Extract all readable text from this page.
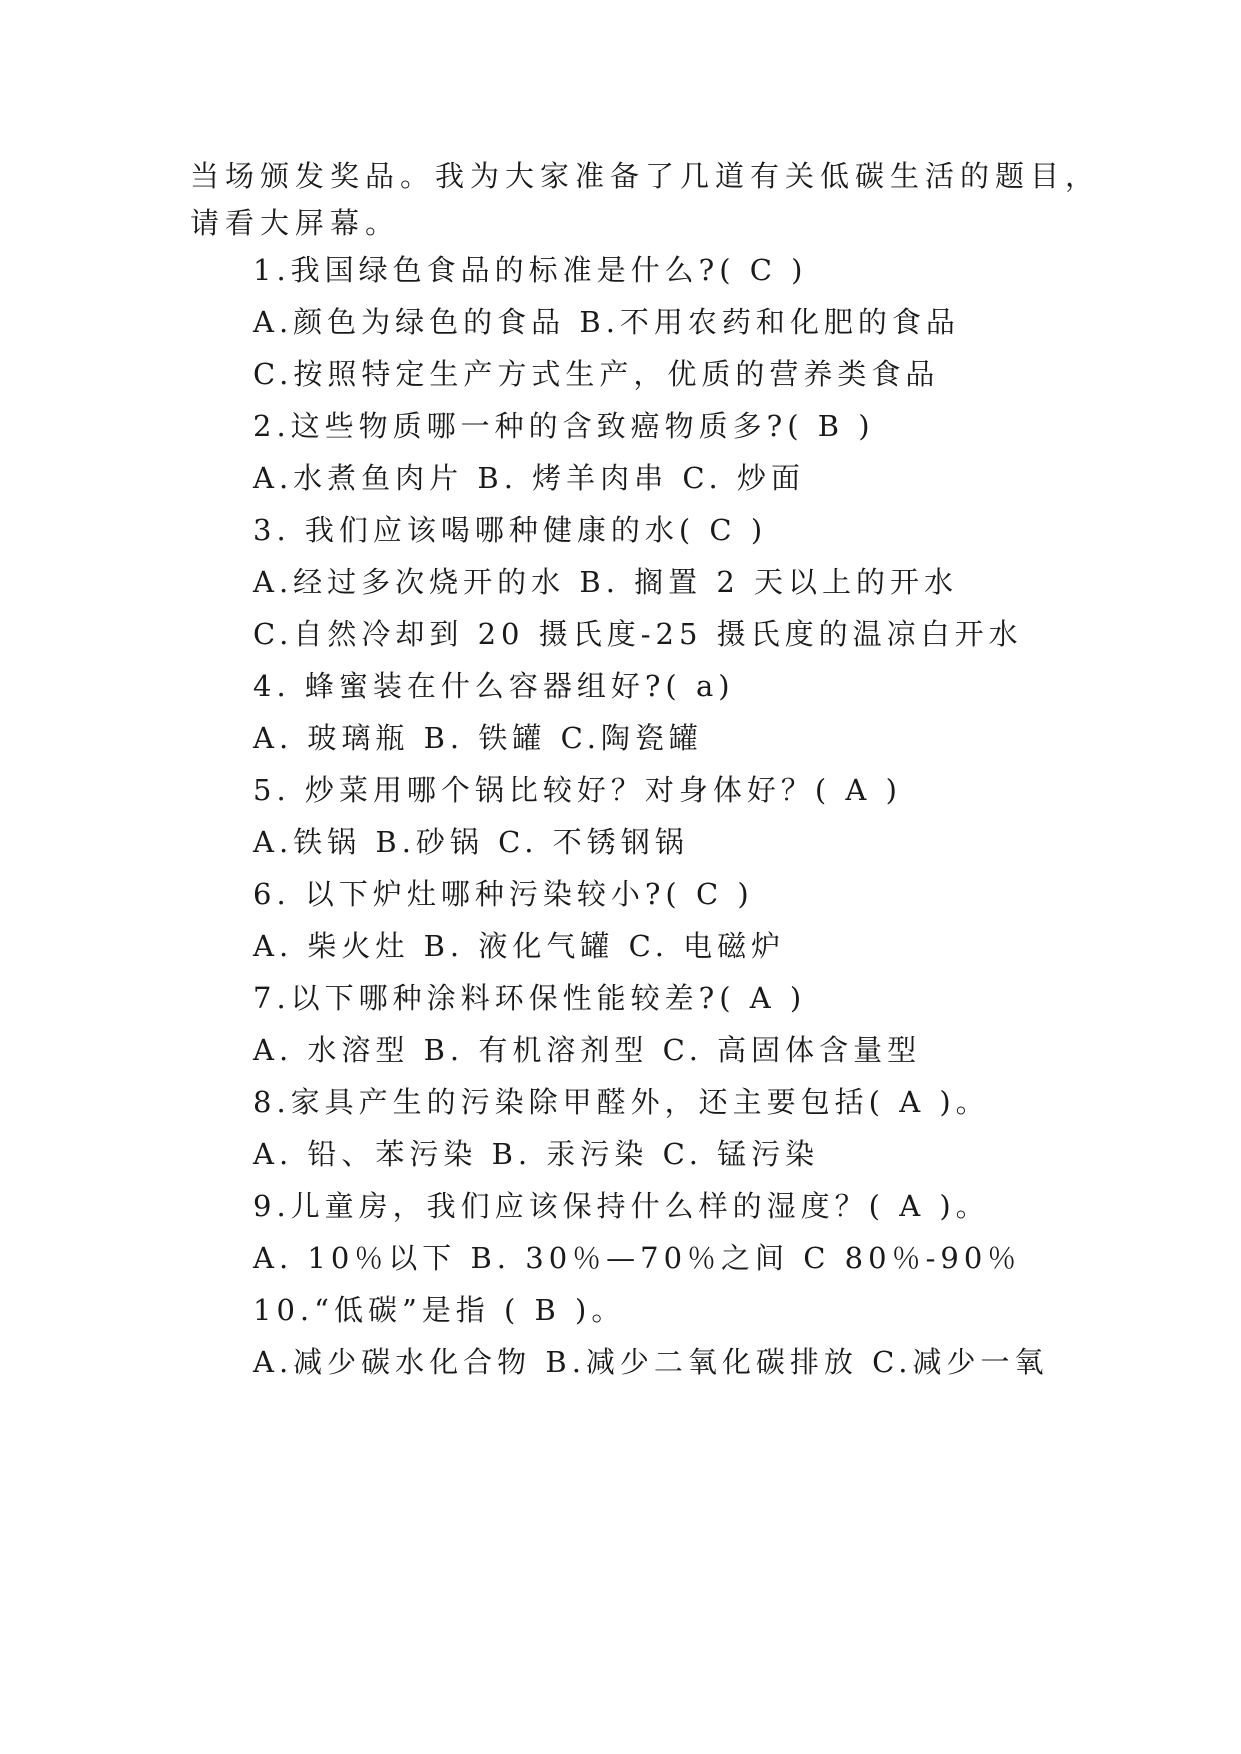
当场颁发奖品。我为大家准备了几道有关低碳生活的题目，
请看大屏幕。
1.我国绿色食品的标准是什么?( C )
A.颜色为绿色的食品 B.不用农药和化肥的食品
C.按照特定生产方式生产，优质的营养类食品
2.这些物质哪一种的含致癌物质多?( B )
A.水煮鱼肉片 B. 烤羊肉串 C. 炒面
3. 我们应该喝哪种健康的水( C )
A.经过多次烧开的水 B. 搁置 2 天以上的开水
C.自然冷却到 20 摄氏度-25 摄氏度的温凉白开水
4. 蜂蜜装在什么容器组好?( a)
A. 玻璃瓶 B. 铁罐 C.陶瓷罐
5. 炒菜用哪个锅比较好？对身体好？( A )
A.铁锅 B.砂锅 C. 不锈钢锅
6. 以下炉灶哪种污染较小?( C )
A. 柴火灶 B. 液化气罐 C. 电磁炉
7.以下哪种涂料环保性能较差?( A )
A. 水溶型 B. 有机溶剂型 C. 高固体含量型
8.家具产生的污染除甲醛外，还主要包括( A )。
A. 铅、苯污染 B. 汞污染 C. 锰污染
9.儿童房，我们应该保持什么样的湿度？( A )。
A. 10％以下 B. 30％—70％之间 C 80％-90％
10.“低碳”是指 ( B )。
A.减少碳水化合物 B.减少二氧化碳排放 C.减少一氧
